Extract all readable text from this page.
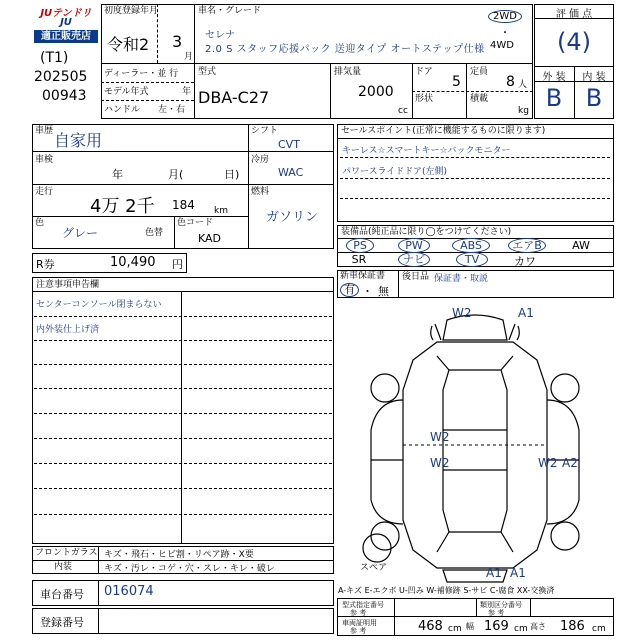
JUテンドリ
JU
適正販売店
(T1)
202505
00943
初度登録年月
令和2 3
月
ディーラー・並 行
モデル年式	年
ハンドル 左・右
車名・グレード
セレナ
2.0 S スタッフ応援パック 送迎タイプ オートステップ仕様
2WD
・
4WD
型式
DBA-C27
排気量
2000
cc
ドア
5
定員
8 人
形状	積載
kg
評 価 点
(4)
外 装	内 装
B B
車歴 自家用
車検
年	月(	日)
走行
4万 2千 184 km
色
グレー	色替
色コード
KAD
シフト
CVT
冷房
WAC
燃料
ガソリン
R券	10,490 円
セールスポイント(正常に機能するものに限ります)
キーレス☆スマートキー☆バックモニター
パワースライドドア(左側)
装備品(純正品に限り◯をつけてください)
PS	PW	ABS	エアB	AW
SR	ナビ	TV	カワ
新車保証書
有 ・ 無
後日品 保証書・取説
注意事項申告欄
センターコンソール閉まらない
内外装仕上げ済
W2	A1
W2
W2	W2 A2
A1 A1
スペア
A-キズ E-エクボ U-凹み W-補修跡 S-サビ C-腐食 XX-交換済
フロントガラス キズ・飛石・ヒビ割・リペア跡・X要
内装	キズ・汚レ・コゲ・穴・スレ・キレ・破レ
車台番号 016074
登録番号
型式指定番号
参 考
類別区分番号
参 考
車両証明用
参 考	468 cm 幅 169 cm 高さ 186 cm
